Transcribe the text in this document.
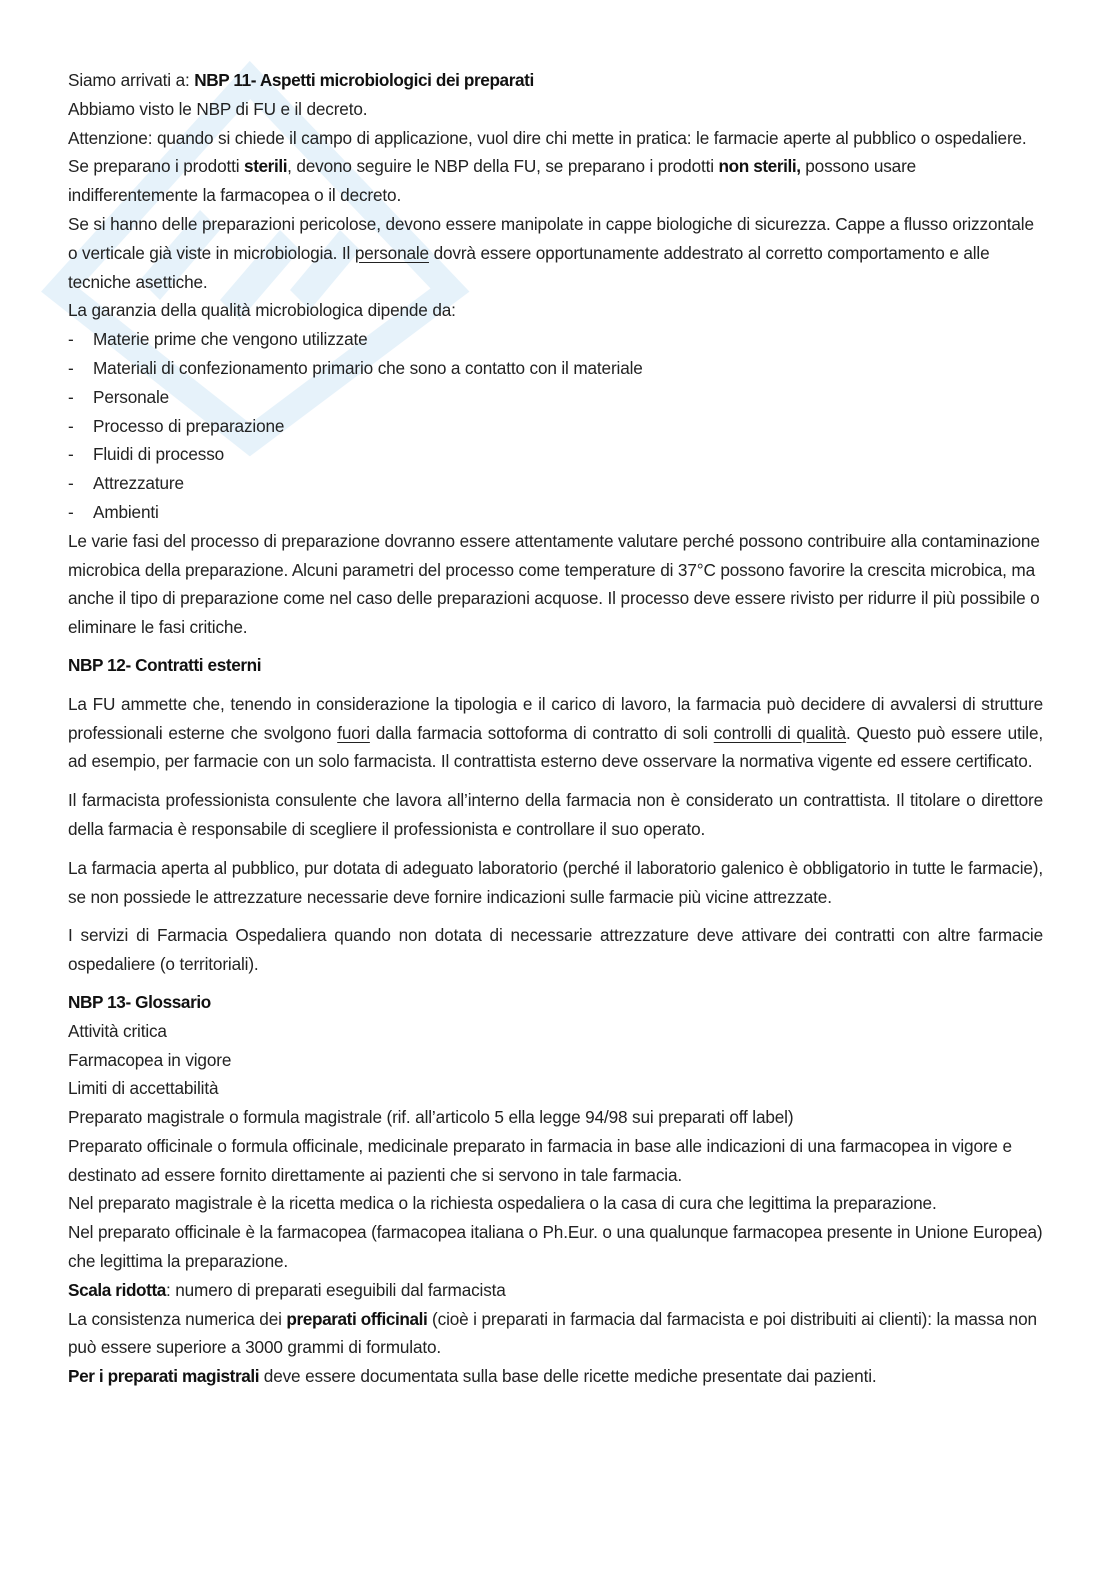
Siamo arrivati a: NBP 11- Aspetti microbiologici dei preparati

Abbiamo visto le NBP di FU e il decreto.

Attenzione: quando si chiede il campo di applicazione, vuol dire chi mette in pratica: le farmacie aperte al pubblico o ospedaliere.

Se preparano i prodotti sterili, devono seguire le NBP della FU, se preparano i prodotti non sterili, possono usare indifferentemente la farmacopea o il decreto.

Se si hanno delle preparazioni pericolose, devono essere manipolate in cappe biologiche di sicurezza. Cappe a flusso orizzontale o verticale già viste in microbiologia. Il personale dovrà essere opportunamente addestrato al corretto comportamento e alle tecniche asettiche.

La garanzia della qualità microbiologica dipende da:

-	Materie prime che vengono utilizzate

-	Materiali di confezionamento primario che sono a contatto con il materiale

-	Personale

-	Processo di preparazione

-	Fluidi di processo

-	Attrezzature

-	Ambienti

Le varie fasi del processo di preparazione dovranno essere attentamente valutare perché possono contribuire alla contaminazione microbica della preparazione. Alcuni parametri del processo come temperature di 37°C possono favorire la crescita microbica, ma anche il tipo di preparazione come nel caso delle preparazioni acquose. Il processo deve essere rivisto per ridurre il più possibile o eliminare le fasi critiche.

NBP 12- Contratti esterni

La FU ammette che, tenendo in considerazione la tipologia e il carico di lavoro, la farmacia può decidere di avvalersi di strutture professionali esterne che svolgono fuori dalla farmacia sottoforma di contratto di soli controlli di qualità. Questo può essere utile, ad esempio, per farmacie con un solo farmacista. Il contrattista esterno deve osservare la normativa vigente ed essere certificato.

Il farmacista professionista consulente che lavora all’interno della farmacia non è considerato un contrattista. Il titolare o direttore della farmacia è responsabile di scegliere il professionista e controllare il suo operato.

La farmacia aperta al pubblico, pur dotata di adeguato laboratorio (perché il laboratorio galenico è obbligatorio in tutte le farmacie), se non possiede le attrezzature necessarie deve fornire indicazioni sulle farmacie più vicine attrezzate.

I servizi di Farmacia Ospedaliera quando non dotata di necessarie attrezzature deve attivare dei contratti con altre farmacie ospedaliere (o territoriali).

NBP 13- Glossario

Attività critica

Farmacopea in vigore

Limiti di accettabilità

Preparato magistrale o formula magistrale (rif. all’articolo 5 ella legge 94/98 sui preparati off label)

Preparato officinale o formula officinale, medicinale preparato in farmacia in base alle indicazioni di una farmacopea in vigore e destinato ad essere fornito direttamente ai pazienti che si servono in tale farmacia.

Nel preparato magistrale è la ricetta medica o la richiesta ospedaliera o la casa di cura che legittima la preparazione.

Nel preparato officinale è la farmacopea (farmacopea italiana o Ph.Eur. o una qualunque farmacopea presente in Unione Europea) che legittima la preparazione.

Scala ridotta: numero di preparati eseguibili dal farmacista

La consistenza numerica dei preparati officinali (cioè i preparati in farmacia dal farmacista e poi distribuiti ai clienti): la massa non può essere superiore a 3000 grammi di formulato.

Per i preparati magistrali deve essere documentata sulla base delle ricette mediche presentate dai pazienti.
